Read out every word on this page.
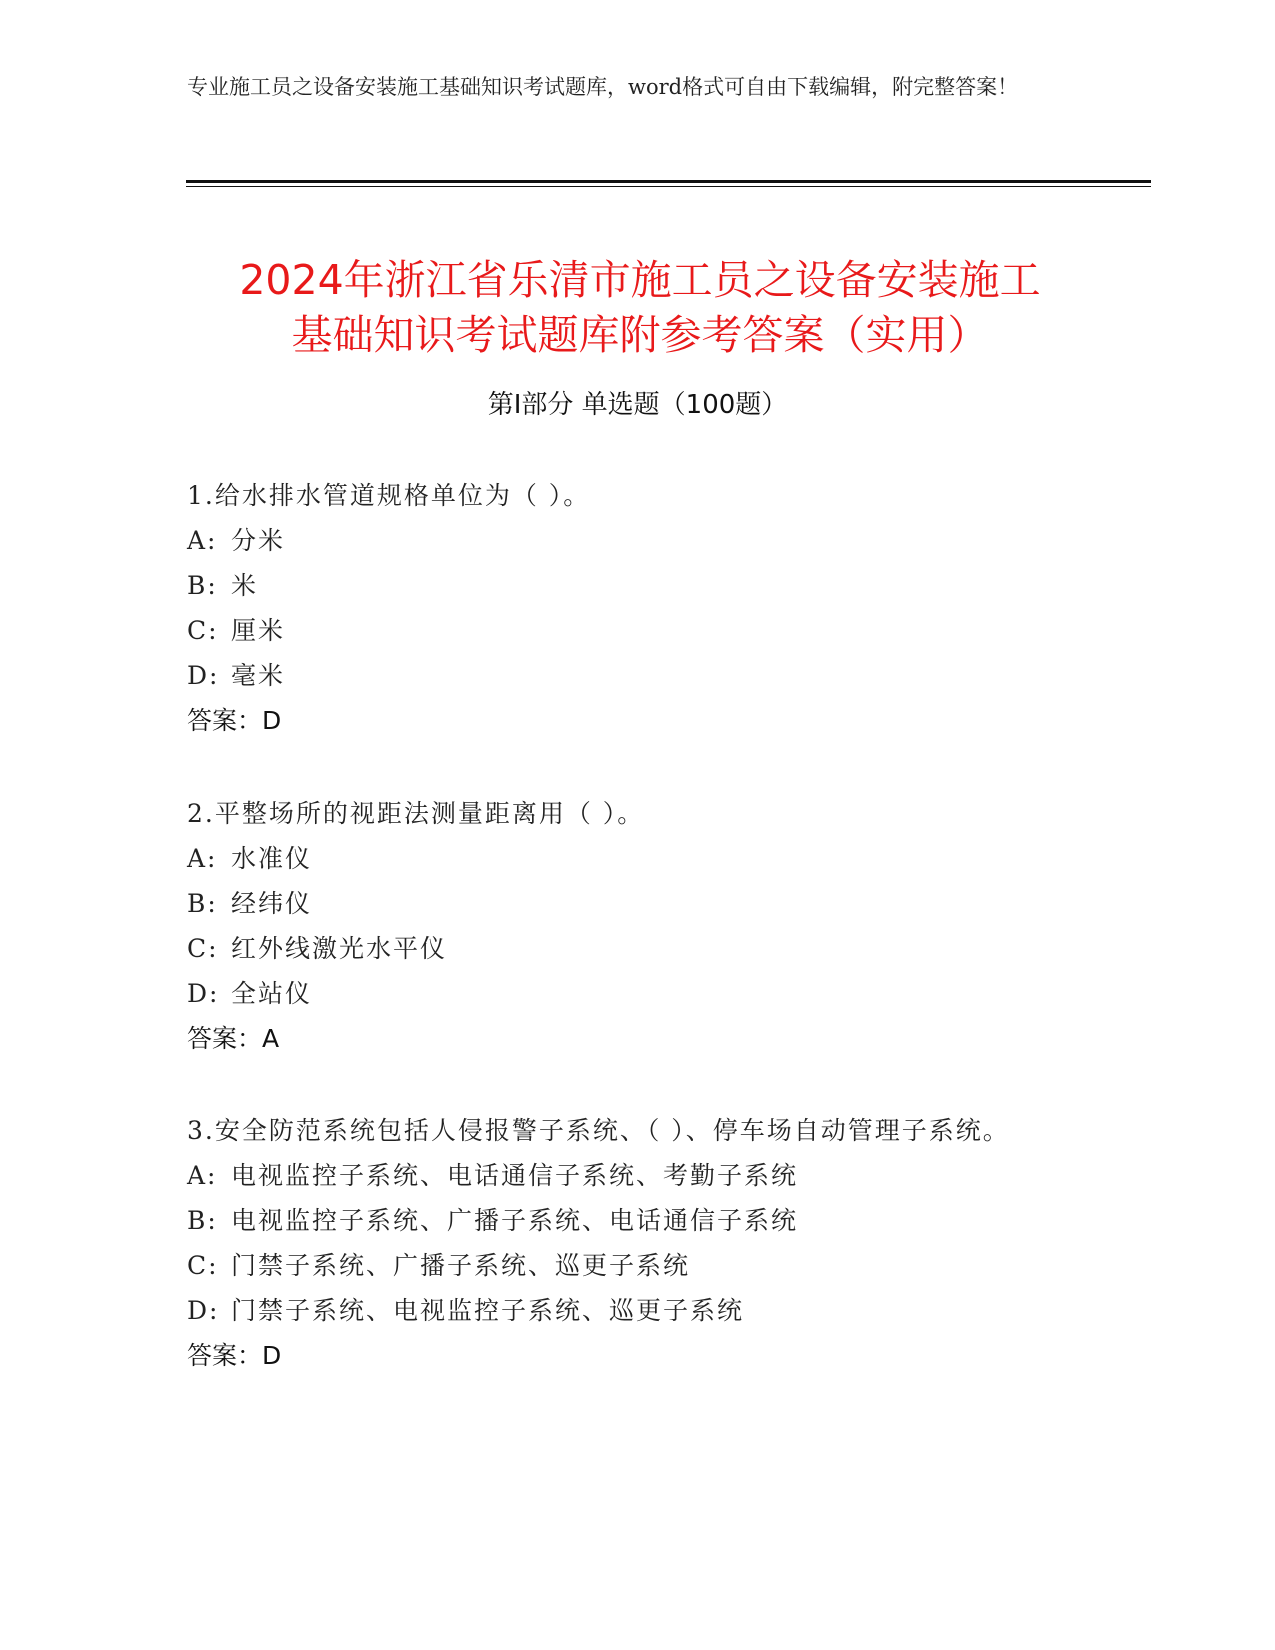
专业施工员之设备安装施工基础知识考试题库，word格式可自由下载编辑，附完整答案！
2024年浙江省乐清市施工员之设备安装施工
基础知识考试题库附参考答案（实用）
第Ⅰ部分 单选题（100题）

1.给水排水管道规格单位为（ ）。

A: 分米

B: 米

C: 厘米

D: 毫米

答案：D

2.平整场所的视距法测量距离用（ ）。

A: 水准仪

B: 经纬仪

C: 红外线激光水平仪

D: 全站仪

答案：A

3.安全防范系统包括人侵报警子系统、（ ）、停车场自动管理子系统。

A: 电视监控子系统、电话通信子系统、考勤子系统

B: 电视监控子系统、广播子系统、电话通信子系统

C: 门禁子系统、广播子系统、巡更子系统

D: 门禁子系统、电视监控子系统、巡更子系统

答案：D
